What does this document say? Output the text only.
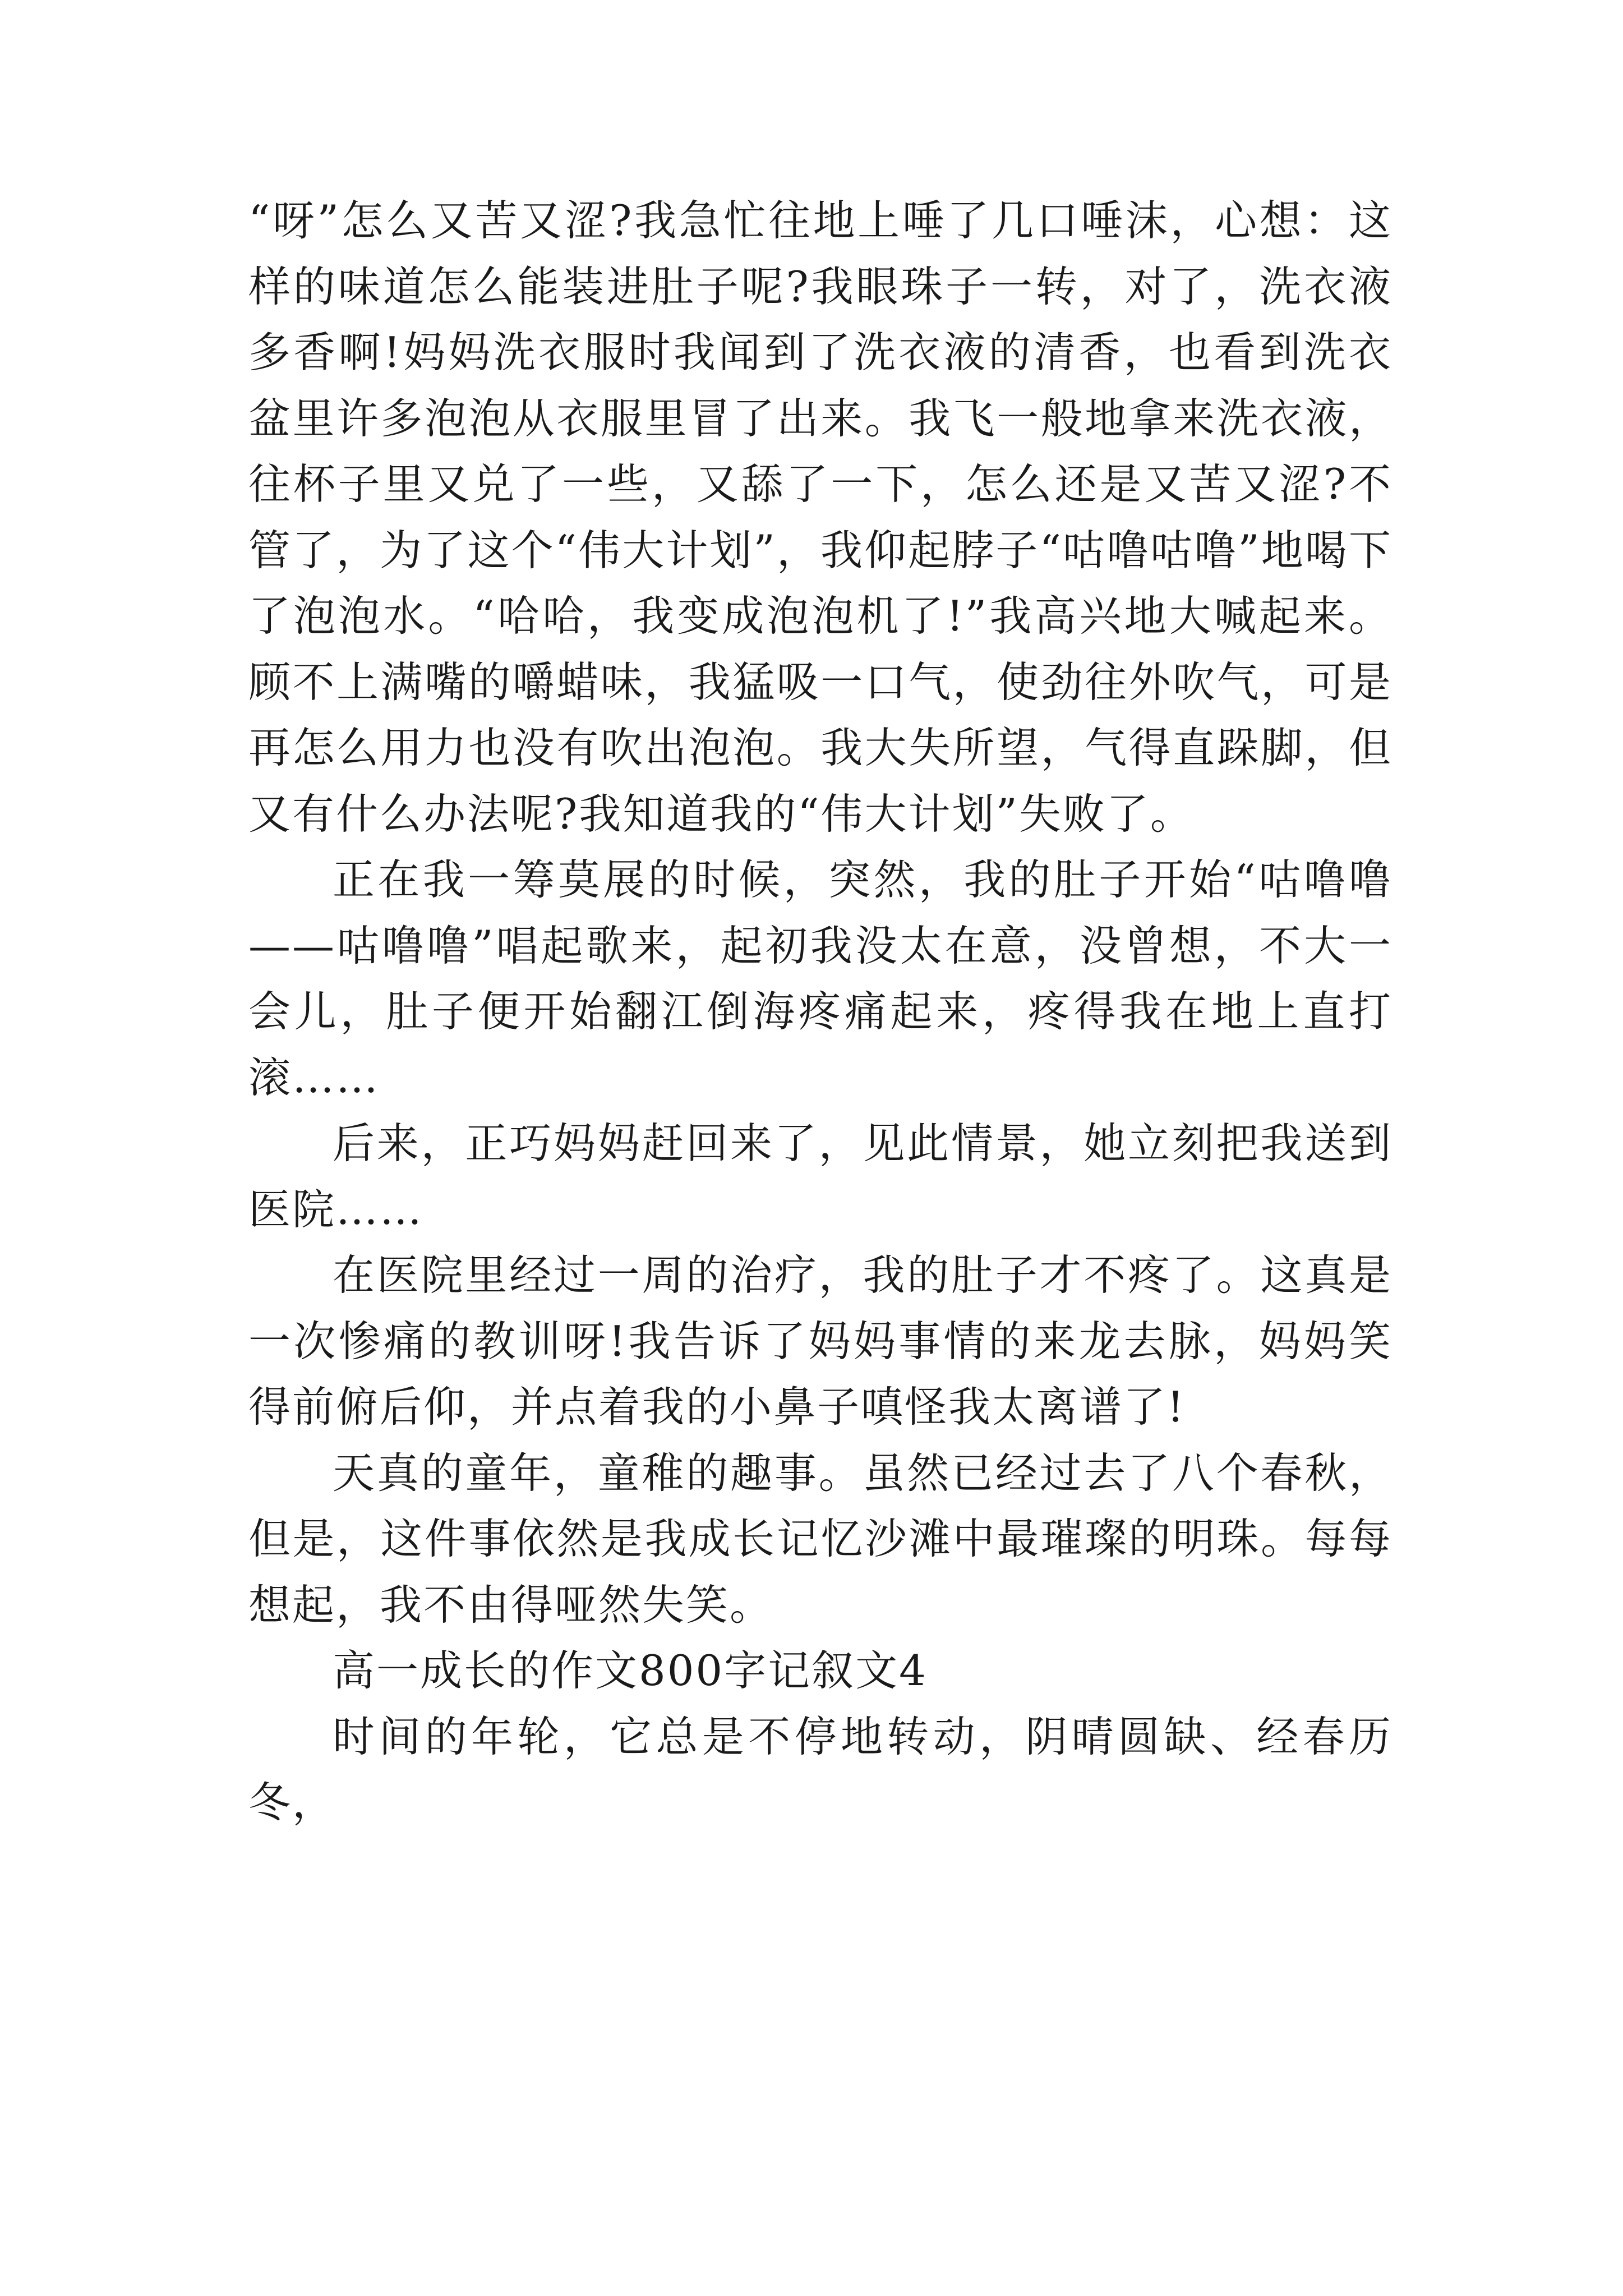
“呀”怎么又苦又涩?我急忙往地上唾了几口唾沫，心想：这样的味道怎么能装进肚子呢?我眼珠子一转，对了，洗衣液多香啊!妈妈洗衣服时我闻到了洗衣液的清香，也看到洗衣盆里许多泡泡从衣服里冒了出来。我飞一般地拿来洗衣液，往杯子里又兑了一些，又舔了一下，怎么还是又苦又涩?不管了，为了这个“伟大计划”，我仰起脖子“咕噜咕噜”地喝下了泡泡水。“哈哈，我变成泡泡机了!”我高兴地大喊起来。顾不上满嘴的嚼蜡味，我猛吸一口气，使劲往外吹气，可是再怎么用力也没有吹出泡泡。我大失所望，气得直跺脚，但又有什么办法呢?我知道我的“伟大计划”失败了。

正在我一筹莫展的时候，突然，我的肚子开始“咕噜噜——咕噜噜”唱起歌来，起初我没太在意，没曾想，不大一会儿，肚子便开始翻江倒海疼痛起来，疼得我在地上直打滚……

后来，正巧妈妈赶回来了，见此情景，她立刻把我送到医院……

在医院里经过一周的治疗，我的肚子才不疼了。这真是一次惨痛的教训呀!我告诉了妈妈事情的来龙去脉，妈妈笑得前俯后仰，并点着我的小鼻子嗔怪我太离谱了!

天真的童年，童稚的趣事。虽然已经过去了八个春秋，但是，这件事依然是我成长记忆沙滩中最璀璨的明珠。每每想起，我不由得哑然失笑。

高一成长的作文800字记叙文4

时间的年轮，它总是不停地转动，阴晴圆缺、经春历冬，
